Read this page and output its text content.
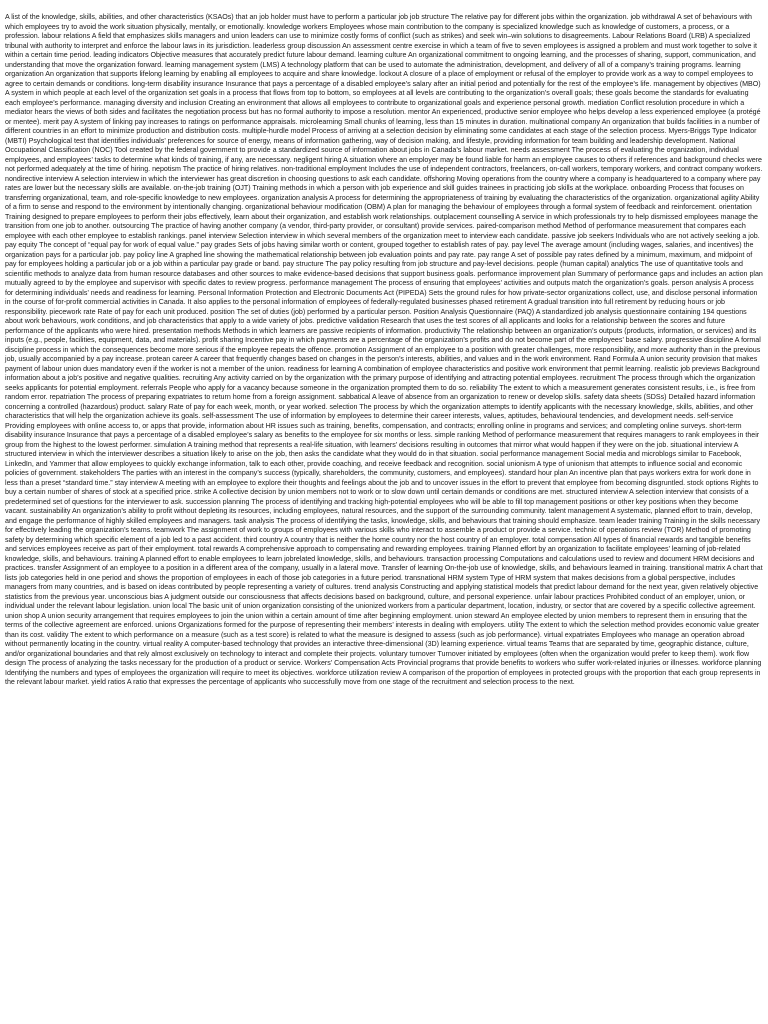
A list of the knowledge, skills, abilities, and other characteristics (KSAOs) that an job holder must have to perform a particular job job structure The relative pay for different jobs within the organization. job withdrawal A set of behaviours with which employees try to avoid the work situation physically, mentally, or emotionally. knowledge workers Employees whose main contribution to the company is specialized knowledge such as knowledge of customers, a process, or a profession. labour relations A field that emphasizes skills managers and union leaders can use to minimize costly forms of conflict (such as strikes) and seek win–win solutions to disagreements. Labour Relations Board (LRB) A specialized tribunal with authority to interpret and enforce the labour laws in its jurisdiction. leaderless group discussion An assessment centre exercise in which a team of five to seven employees is assigned a problem and must work together to solve it within a certain time period. leading indicators Objective measures that accurately predict future labour demand. learning culture An organizational commitment to ongoing learning, and the processes of sharing, support, communication, and understanding that move the organization forward. learning management system (LMS) A technology platform that can be used to automate the administration, development, and delivery of all of a company’s training programs. learning organization An organization that supports lifelong learning by enabling all employees to acquire and share knowledge. lockout A closure of a place of employment or refusal of the employer to provide work as a way to compel employees to agree to certain demands or conditions. long-term disability insurance Insurance that pays a percentage of a disabled employee’s salary after an initial period and potentially for the rest of the employee’s life. management by objectives (MBO) A system in which people at each level of the organization set goals in a process that flows from top to bottom, so employees at all levels are contributing to the organization’s overall goals; these goals become the standards for evaluating each employee’s performance. managing diversity and inclusion Creating an environment that allows all employees to contribute to organizational goals and experience personal growth. mediation Conflict resolution procedure in which a mediator hears the views of both sides and facilitates the negotiation process but has no formal authority to impose a resolution. mentor An experienced, productive senior employee who helps develop a less experienced employee (a protégé or mentee). merit pay A system of linking pay increases to ratings on performance appraisals. microlearning Small chunks of learning, less than 15 minutes in duration. multinational company An organization that builds facilities in a number of different countries in an effort to minimize production and distribution costs. multiple-hurdle model Process of arriving at a selection decision by eliminating some candidates at each stage of the selection process. Myers-Briggs Type Indicator (MBTI) Psychological test that identifies individuals’ preferences for source of energy, means of information gathering, way of decision making, and lifestyle, providing information for team building and leadership development. National Occupational Classification (NOC) Tool created by the federal government to provide a standardized source of information about jobs in Canada’s labour market. needs assessment The process of evaluating the organization, individual employees, and employees’ tasks to determine what kinds of training, if any, are necessary. negligent hiring A situation where an employer may be found liable for harm an employee causes to others if references and background checks were not performed adequately at the time of hiring. nepotism The practice of hiring relatives. non-traditional employment Includes the use of independent contractors, freelancers, on-call workers, temporary workers, and contract company workers. nondirective interview A selection interview in which the interviewer has great discretion in choosing questions to ask each candidate. offshoring Moving operations from the country where a company is headquartered to a company where pay rates are lower but the necessary skills are available. on-the-job training (OJT) Training methods in which a person with job experience and skill guides trainees in practicing job skills at the workplace. onboarding Process that focuses on transferring organizational, team, and role-specific knowledge to new employees. organization analysis A process for determining the appropriateness of training by evaluating the characteristics of the organization. organizational agility Ability of a firm to sense and respond to the environment by intentionally changing. organizational behaviour modification (OBM) A plan for managing the behaviour of employees through a formal system of feedback and reinforcement. orientation Training designed to prepare employees to perform their jobs effectively, learn about their organization, and establish work relationships. outplacement counselling A service in which professionals try to help dismissed employees manage the transition from one job to another. outsourcing The practice of having another company (a vendor, third-party provider, or consultant) provide services. paired-comparison method Method of performance measurement that compares each employee with each other employee to establish rankings. panel interview Selection interview in which several members of the organization meet to interview each candidate. passive job seekers Individuals who are not actively seeking a job. pay equity The concept of “equal pay for work of equal value.” pay grades Sets of jobs having similar worth or content, grouped together to establish rates of pay. pay level The average amount (including wages, salaries, and incentives) the organization pays for a particular job. pay policy line A graphed line showing the mathematical relationship between job evaluation points and pay rate. pay range A set of possible pay rates defined by a minimum, maximum, and midpoint of pay for employees holding a particular job or a job within a particular pay grade or band. pay structure The pay policy resulting from job structure and pay-level decisions. people (human capital) analytics The use of quantitative tools and scientific methods to analyze data from human resource databases and other sources to make evidence-based decisions that support business goals. performance improvement plan Summary of performance gaps and includes an action plan mutually agreed to by the employee and supervisor with specific dates to review progress. performance management The process of ensuring that employees’ activities and outputs match the organization’s goals. person analysis A process for determining individuals’ needs and readiness for learning. Personal Information Protection and Electronic Documents Act (PIPEDA) Sets the ground rules for how private-sector organizations collect, use, and disclose personal information in the course of for-profit commercial activities in Canada. It also applies to the personal information of employees of federally-regulated businesses phased retirement A gradual transition into full retirement by reducing hours or job responsibility. piecework rate Rate of pay for each unit produced. position The set of duties (job) performed by a particular person. Position Analysis Questionnaire (PAQ) A standardized job analysis questionnaire containing 194 questions about work behaviours, work conditions, and job characteristics that apply to a wide variety of jobs. predictive validation Research that uses the test scores of all applicants and looks for a relationship between the scores and future performance of the applicants who were hired. presentation methods Methods in which learners are passive recipients of information. productivity The relationship between an organization’s outputs (products, information, or services) and its inputs (e.g., people, facilities, equipment, data, and materials). profit sharing Incentive pay in which payments are a percentage of the organization’s profits and do not become part of the employees’ base salary. progressive discipline A formal discipline process in which the consequences become more serious if the employee repeats the offence. promotion Assignment of an employee to a position with greater challenges, more responsibility, and more authority than in the previous job, usually accompanied by a pay increase. protean career A career that frequently changes based on changes in the person’s interests, abilities, and values and in the work environment. Rand Formula A union security provision that makes payment of labour union dues mandatory even if the worker is not a member of the union. readiness for learning A combination of employee characteristics and positive work environment that permit learning. realistic job previews Background information about a job’s positive and negative qualities. recruiting Any activity carried on by the organization with the primary purpose of identifying and attracting potential employees. recruitment The process through which the organization seeks applicants for potential employment. referrals People who apply for a vacancy because someone in the organization prompted them to do so. reliability The extent to which a measurement generates consistent results, i.e., is free from random error. repatriation The process of preparing expatriates to return home from a foreign assignment. sabbatical A leave of absence from an organization to renew or develop skills. safety data sheets (SDSs) Detailed hazard information concerning a controlled (hazardous) product. salary Rate of pay for each week, month, or year worked. selection The process by which the organization attempts to identify applicants with the necessary knowledge, skills, abilities, and other characteristics that will help the organization achieve its goals. self-assessment The use of information by employees to determine their career interests, values, aptitudes, behavioural tendencies, and development needs. self-service Providing employees with online access to, or apps that provide, information about HR issues such as training, benefits, compensation, and contracts; enrolling online in programs and services; and completing online surveys. short-term disability insurance Insurance that pays a percentage of a disabled employee’s salary as benefits to the employee for six months or less. simple ranking Method of performance measurement that requires managers to rank employees in their group from the highest to the lowest performer. simulation A training method that represents a real-life situation, with learners’ decisions resulting in outcomes that mirror what would happen if they were on the job. situational interview A structured interview in which the interviewer describes a situation likely to arise on the job, then asks the candidate what they would do in that situation. social performance management Social media and microblogs similar to Facebook, LinkedIn, and Yammer that allow employees to quickly exchange information, talk to each other, provide coaching, and receive feedback and recognition. social unionism A type of unionism that attempts to influence social and economic policies of government. stakeholders The parties with an interest in the company’s success (typically, shareholders, the community, customers, and employees). standard hour plan An incentive plan that pays workers extra for work done in less than a preset “standard time.” stay interview A meeting with an employee to explore their thoughts and feelings about the job and to uncover issues in the effort to prevent that employee from becoming disgruntled. stock options Rights to buy a certain number of shares of stock at a specified price. strike A collective decision by union members not to work or to slow down until certain demands or conditions are met. structured interview A selection interview that consists of a predetermined set of questions for the interviewer to ask. succession planning The process of identifying and tracking high-potential employees who will be able to fill top management positions or other key positions when they become vacant. sustainability An organization’s ability to profit without depleting its resources, including employees, natural resources, and the support of the surrounding community. talent management A systematic, planned effort to train, develop, and engage the performance of highly skilled employees and managers. task analysis The process of identifying the tasks, knowledge, skills, and behaviours that training should emphasize. team leader training Training in the skills necessary for effectively leading the organization’s teams. teamwork The assignment of work to groups of employees with various skills who interact to assemble a product or provide a service. technic of operations review (TOR) Method of promoting safety by determining which specific element of a job led to a past accident. third country A country that is neither the home country nor the host country of an employer. total compensation All types of financial rewards and tangible benefits and services employees receive as part of their employment. total rewards A comprehensive approach to compensating and rewarding employees. training Planned effort by an organization to facilitate employees’ learning of job-related knowledge, skills, and behaviours. training A planned effort to enable employees to learn jobrelated knowledge, skills, and behaviours. transaction processing Computations and calculations used to review and document HRM decisions and practices. transfer Assignment of an employee to a position in a different area of the company, usually in a lateral move. Transfer of learning On-the-job use of knowledge, skills, and behaviours learned in training. transitional matrix A chart that lists job categories held in one period and shows the proportion of employees in each of those job categories in a future period. transnational HRM system Type of HRM system that makes decisions from a global perspective, includes managers from many countries, and is based on ideas contributed by people representing a variety of cultures. trend analysis Constructing and applying statistical models that predict labour demand for the next year, given relatively objective statistics from the previous year. unconscious bias A judgment outside our consciousness that affects decisions based on background, culture, and personal experience. unfair labour practices Prohibited conduct of an employer, union, or individual under the relevant labour legislation. union local The basic unit of union organization consisting of the unionized workers from a particular department, location, industry, or sector that are covered by a specific collective agreement. union shop A union security arrangement that requires employees to join the union within a certain amount of time after beginning employment. union steward An employee elected by union members to represent them in ensuring that the terms of the collective agreement are enforced. unions Organizations formed for the purpose of representing their members’ interests in dealing with employers. utility The extent to which the selection method provides economic value greater than its cost. validity The extent to which performance on a measure (such as a test score) is related to what the measure is designed to assess (such as job performance). virtual expatriates Employees who manage an operation abroad without permanently locating in the country. virtual reality A computer-based technology that provides an interactive three-dimensional (3D) learning experience. virtual teams Teams that are separated by time, geographic distance, culture, and/or organizational boundaries and that rely almost exclusively on technology to interact and complete their projects. voluntary turnover Turnover initiated by employees (often when the organization would prefer to keep them). work flow design The process of analyzing the tasks necessary for the production of a product or service. Workers’ Compensation Acts Provincial programs that provide benefits to workers who suffer work-related injuries or illnesses. workforce planning Identifying the numbers and types of employees the organization will require to meet its objectives. workforce utilization review A comparison of the proportion of employees in protected groups with the proportion that each group represents in the relevant labour market. yield ratios A ratio that expresses the percentage of applicants who successfully move from one stage of the recruitment and selection process to the next.
